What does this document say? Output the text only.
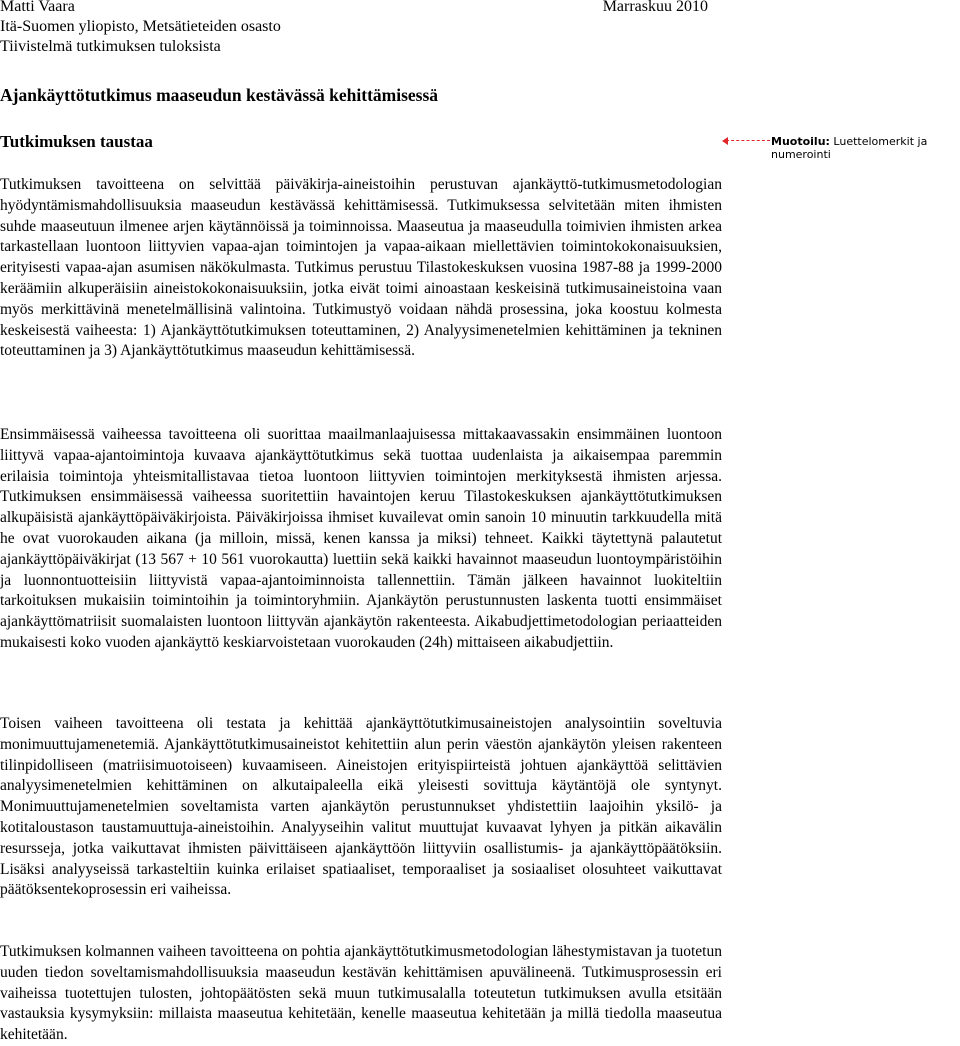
Matti Vaara	Marraskuu 2010
Itä-Suomen yliopisto, Metsätieteiden osasto
Tiivistelmä tutkimuksen tuloksista
Ajankäyttötutkimus maaseudun kestävässä kehittämisessä
Tutkimuksen taustaa	Muotoilu: Luettelomerkit ja numerointi

Tutkimuksen tavoitteena on selvittää päiväkirja-aineistoihin perustuvan ajankäyttö-tutkimusmetodologian hyödyntämismahdollisuuksia maaseudun kestävässä kehittämisessä. Tutkimuksessa selvitetään miten ihmisten suhde maaseutuun ilmenee arjen käytännöissä ja toiminnoissa. Maaseutua ja maaseudulla toimivien ihmisten arkea tarkastellaan luontoon liittyvien vapaa-ajan toimintojen ja vapaa-aikaan miellettävien toimintokokonaisuuksien, erityisesti vapaa-ajan asumisen näkökulmasta. Tutkimus perustuu Tilastokeskuksen vuosina 1987-88 ja 1999-2000 keräämiin alkuperäisiin aineistokokonaisuuksiin, jotka eivät toimi ainoastaan keskeisinä tutkimusaineistoina vaan myös merkittävinä menetelmällisinä valintoina. Tutkimustyö voidaan nähdä prosessina, joka koostuu kolmesta keskeisestä vaiheesta: 1) Ajankäyttötutkimuksen toteuttaminen, 2) Analyysimenetelmien kehittäminen ja tekninen toteuttaminen ja 3) Ajankäyttötutkimus maaseudun kehittämisessä.

Ensimmäisessä vaiheessa tavoitteena oli suorittaa maailmanlaajuisessa mittakaavassakin ensimmäinen luontoon liittyvä vapaa-ajantoimintoja kuvaava ajankäyttötutkimus sekä tuottaa uudenlaista ja aikaisempaa paremmin erilaisia toimintoja yhteismitallistavaa tietoa luontoon liittyvien toimintojen merkityksestä ihmisten arjessa. Tutkimuksen ensimmäisessä vaiheessa suoritettiin havaintojen keruu Tilastokeskuksen ajankäyttötutkimuksen alkupäisistä ajankäyttöpäiväkirjoista. Päiväkirjoissa ihmiset kuvailevat omin sanoin 10 minuutin tarkkuudella mitä he ovat vuorokauden aikana (ja milloin, missä, kenen kanssa ja miksi) tehneet. Kaikki täytettynä palautetut ajankäyttöpäiväkirjat (13 567 + 10 561 vuorokautta) luettiin sekä kaikki havainnot maaseudun luontoympäristöihin ja luonnontuotteisiin liittyvistä vapaa-ajantoiminnoista tallennettiin. Tämän jälkeen havainnot luokiteltiin tarkoituksen mukaisiin toimintoihin ja toimintoryhmiin. Ajankäytön perustunnusten laskenta tuotti ensimmäiset ajankäyttömatriisit suomalaisten luontoon liittyvän ajankäytön rakenteesta. Aikabudjettimetodologian periaatteiden mukaisesti koko vuoden ajankäyttö keskiarvoistetaan vuorokauden (24h) mittaiseen aikabudjettiin.

Toisen vaiheen tavoitteena oli testata ja kehittää ajankäyttötutkimusaineistojen analysointiin soveltuvia monimuuttujamenetemiä. Ajankäyttötutkimusaineistot kehitettiin alun perin väestön ajankäytön yleisen rakenteen tilinpidolliseen (matriisimuotoiseen) kuvaamiseen. Aineistojen erityispiirteistä johtuen ajankäyttöä selittävien analyysimenetelmien kehittäminen on alkutaipaleella eikä yleisesti sovittuja käytäntöjä ole syntynyt. Monimuuttujamenetelmien soveltamista varten ajankäytön perustunnukset yhdistettiin laajoihin yksilö- ja kotitaloustason taustamuuttuja-aineistoihin. Analyyseihin valitut muuttujat kuvaavat lyhyen ja pitkän aikavälin resursseja, jotka vaikuttavat ihmisten päivittäiseen ajankäyttöön liittyviin osallistumis- ja ajankäyttöpäätöksiin. Lisäksi analyyseissä tarkasteltiin kuinka erilaiset spatiaaliset, temporaaliset ja sosiaaliset olosuhteet vaikuttavat päätöksentekoprosessin eri vaiheissa.

Tutkimuksen kolmannen vaiheen tavoitteena on pohtia ajankäyttötutkimusmetodologian lähestymistavan ja tuotetun uuden tiedon soveltamismahdollisuuksia maaseudun kestävän kehittämisen apuvälineenä. Tutkimusprosessin eri vaiheissa tuotettujen tulosten, johtopäätösten sekä muun tutkimusalalla toteutetun tutkimuksen avulla etsitään vastauksia kysymyksiin: millaista maaseutua kehitetään, kenelle maaseutua kehitetään ja millä tiedolla maaseutua kehitetään.
